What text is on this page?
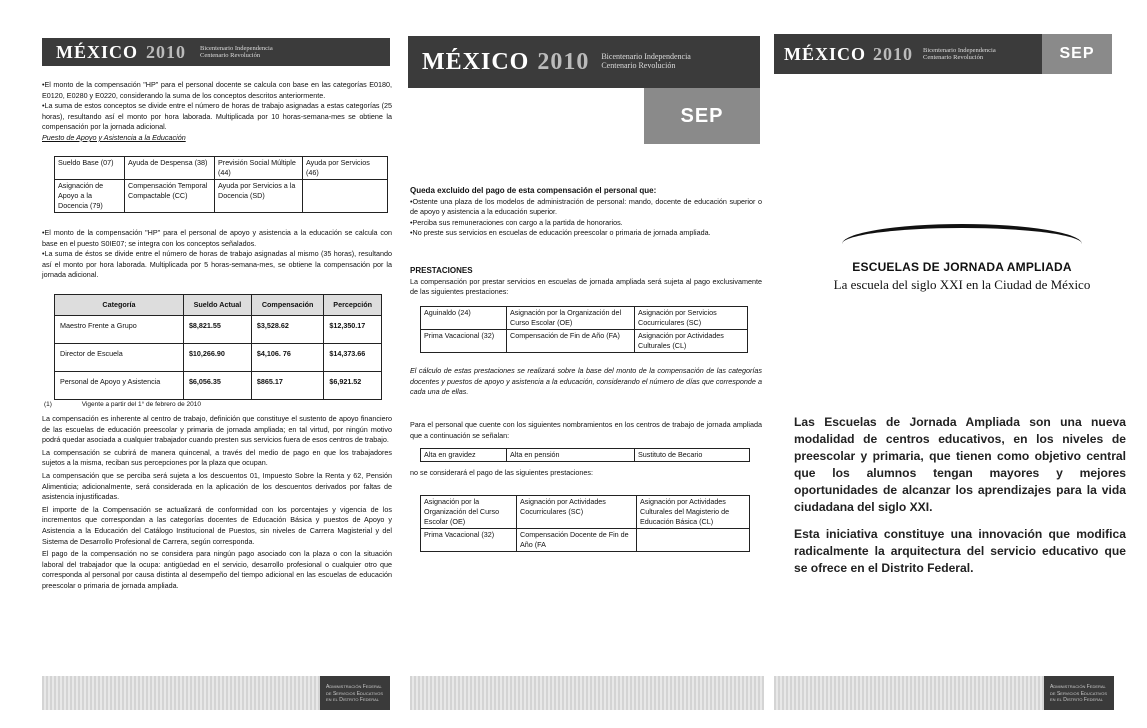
MÉXICO 2010 Bicentenario Independencia
Centenario Revolución

•El monto de la compensación "HP" para el personal docente se calcula con base en las categorías E0180, E0120, E0280 y E0220, considerando la suma de los conceptos descritos anteriormente.

•La suma de estos conceptos se divide entre el número de horas de trabajo asignadas a estas categorías (25 horas), resultando así el monto por hora laborada. Multiplicada por 10 horas-semana-mes se obtiene la compensación por la jornada adicional.

Puesto de Apoyo y Asistencia a la Educación

Sueldo Base (07)	Ayuda de Despensa (38)	Previsión Social Múltiple (44)	Ayuda por Servicios (46)
Asignación de Apoyo a la Docencia (79)	Compensación Temporal Compactable (CC)	Ayuda por Servicios a la Docencia (SD)	

•El monto de la compensación "HP" para el personal de apoyo y asistencia a la educación se calcula con base en el puesto S0IE07; se integra con los conceptos señalados.

•La suma de éstos se divide entre el número de horas de trabajo asignadas al mismo (35 horas), resultando así el monto por hora laborada. Multiplicada por 5 horas-semana-mes, se obtiene la compensación por la jornada adicional.

Categoría	Sueldo Actual	Compensación	Percepción
Maestro Frente a Grupo	$8,821.55	$3,528.62	$12,350.17
Director de Escuela	$10,266.90	$4,106. 76	$14,373.66
Personal de Apoyo y Asistencia	$6,056.35	$865.17	$6,921.52
(1)	Vigente a partir del 1° de febrero de 2010

La compensación es inherente al centro de trabajo, definición que constituye el sustento de apoyo financiero de las escuelas de educación preescolar y primaria de jornada ampliada; en tal virtud, por ningún motivo podrá quedar asociada a cualquier trabajador cuando presten sus servicios fuera de esos centros de trabajo.

La compensación se cubrirá de manera quincenal, a través del medio de pago en que los trabajadores sujetos a la misma, reciban sus percepciones por la plaza que ocupan.

La compensación que se perciba será sujeta a los descuentos 01, Impuesto Sobre la Renta y 62, Pensión Alimenticia; adicionalmente, será considerada en la aplicación de los descuentos derivados por faltas de asistencia injustificadas.

El importe de la Compensación se actualizará de conformidad con los porcentajes y vigencia de los incrementos que correspondan a las categorías docentes de Educación Básica y puestos de Apoyo y Asistencia a la Educación del Catálogo Institucional de Puestos, sin niveles de Carrera Magisterial y del Sistema de Desarrollo Profesional de Carrera, según corresponda.

El pago de la compensación no se considera para ningún pago asociado con la plaza o con la situación laboral del trabajador que la ocupa: antigüedad en el servicio, desarrollo profesional o cualquier otro que corresponda al personal por causa distinta al desempeño del tiempo adicional en las escuelas de educación preescolar o primaria de jornada ampliada.

Administración Federal
de Servicios Educativos
en el Distrito Federal
MÉXICO 2010 Bicentenario Independencia
Centenario Revolución
SEP

Queda excluido del pago de esta compensación el personal que:

•Ostente una plaza de los modelos de administración de personal: mando, docente de educación superior o de apoyo y asistencia a la educación superior.

•Perciba sus remuneraciones con cargo a la partida de honorarios.

•No preste sus servicios en escuelas de educación preescolar o primaria de jornada ampliada.

PRESTACIONES

La compensación por prestar servicios en escuelas de jornada ampliada será sujeta al pago exclusivamente de las siguientes prestaciones:

Aguinaldo (24)	Asignación por la Organización del Curso Escolar (OE)	Asignación por Servicios Cocurriculares (SC)
Prima Vacacional (32)	Compensación de Fin de Año (FA)	Asignación por Actividades Culturales (CL)
El cálculo de estas prestaciones se realizará sobre la base del monto de la compensación de las categorías docentes y puestos de apoyo y asistencia a la educación, considerando el número de días que corresponde a cada una de ellas.
Para el personal que cuente con los siguientes nombramientos en los centros de trabajo de jornada ampliada que a continuación se señalan:
Alta en gravidez	Alta en pensión	Sustituto de Becario
no se considerará el pago de las siguientes prestaciones:
Asignación por la Organización del Curso Escolar (OE)	Asignación por Actividades Cocurriculares (SC)	Asignación por Actividades Culturales del Magisterio de Educación Básica (CL)
Prima Vacacional (32)	Compensación Docente de Fin de Año (FA	
MÉXICO 2010 Bicentenario Independencia
Centenario Revolución	SEP
ESCUELAS DE JORNADA AMPLIADA
La escuela del siglo XXI en la Ciudad de México

Las Escuelas de Jornada Ampliada son una nueva modalidad de centros educativos, en los niveles de preescolar y primaria, que tienen como objetivo central que los alumnos tengan mayores y mejores oportunidades de alcanzar los aprendizajes para la vida ciudadana del siglo XXI.

Esta iniciativa constituye una innovación que modifica radicalmente la arquitectura del servicio educativo que se ofrece en el Distrito Federal.

Administración Federal
de Servicios Educativos
en el Distrito Federal
